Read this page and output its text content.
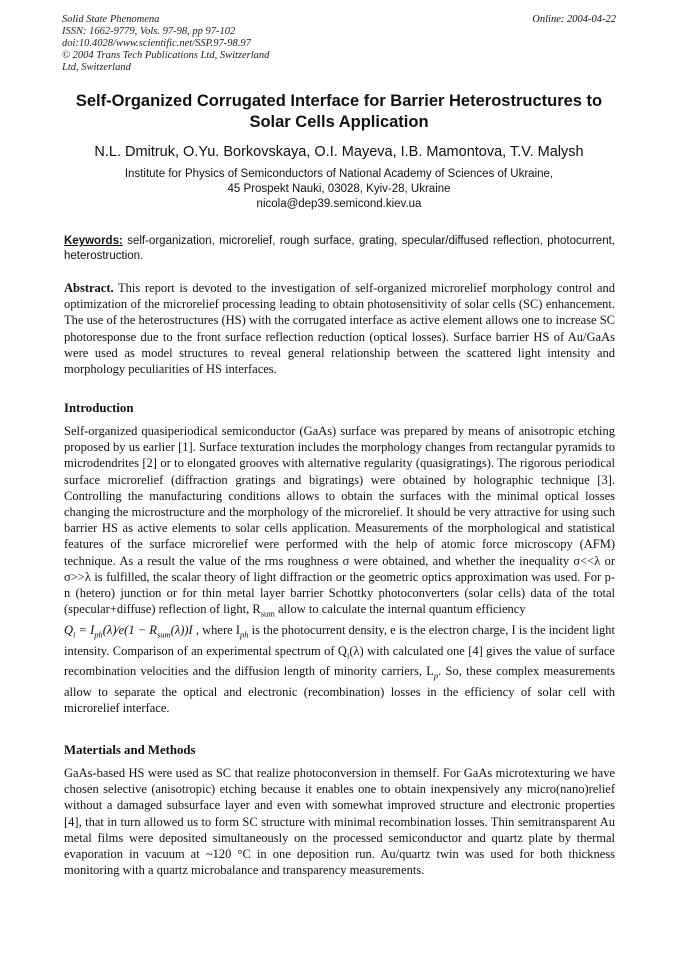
Solid State Phenomena
ISSN: 1662-9779, Vols. 97-98, pp 97-102
doi:10.4028/www.scientific.net/SSP.97-98.97
© 2004 Trans Tech Publications Ltd, Switzerland
Ltd, Switzerland
Online: 2004-04-22
Self-Organized Corrugated Interface for Barrier Heterostructures to Solar Cells Application
N.L. Dmitruk, O.Yu. Borkovskaya, O.I. Mayeva, I.B. Mamontova, T.V. Malysh
Institute for Physics of Semiconductors of National Academy of Sciences of Ukraine,
45 Prospekt Nauki, 03028, Kyiv-28, Ukraine
nicola@dep39.semicond.kiev.ua
Keywords: self-organization, microrelief, rough surface, grating, specular/diffused reflection, photocurrent, heterostruction.
Abstract. This report is devoted to the investigation of self-organized microrelief morphology control and optimization of the microrelief processing leading to obtain photosensitivity of solar cells (SC) enhancement. The use of the heterostructures (HS) with the corrugated interface as active element allows one to increase SC photoresponse due to the front surface reflection reduction (optical losses). Surface barrier HS of Au/GaAs were used as model structures to reveal general relationship between the scattered light intensity and morphology peculiarities of HS interfaces.
Introduction
Self-organized quasiperiodical semiconductor (GaAs) surface was prepared by means of anisotropic etching proposed by us earlier [1]. Surface texturation includes the morphology changes from rectangular pyramids to microdendrites [2] or to elongated grooves with alternative regularity (quasigratings). The rigorous periodical surface microrelief (diffraction gratings and bigratings) were obtained by holographic technique [3]. Controlling the manufacturing conditions allows to obtain the surfaces with the minimal optical losses changing the microstructure and the morphology of the microrelief. It should be very attractive for using such barrier HS as active elements to solar cells application. Measurements of the morphological and statistical features of the surface microrelief were performed with the help of atomic force microscopy (AFM) technique. As a result the value of the rms roughness σ were obtained, and whether the inequality σ<<λ or σ>>λ is fulfilled, the scalar theory of light diffraction or the geometric optics approximation was used. For p-n (hetero) junction or for thin metal layer barrier Schottky photoconverters (solar cells) data of the total (specular+diffuse) reflection of light, $R_{sum}$ allow to calculate the internal quantum efficiency
$Q_i$ = $I_{ph}(\lambda)⁄e(1 - R_{sum}(\lambda))I$ , where $I_{ph}$ is the photocurrent density, e is the electron charge, I is the incident light intensity. Comparison of an experimental spectrum of $Q_i(\lambda)$ with calculated one [4] gives the value of surface recombination velocities and the diffusion length of minority carriers, $L_p$. So, these complex measurements allow to separate the optical and electronic (recombination) losses in the efficiency of solar cell with microrelief interface.
Matertials and Methods
GaAs-based HS were used as SC that realize photoconversion in themself. For GaAs microtexturing we have chosen selective (anisotropic) etching because it enables one to obtain inexpensively any micro(nano)relief without a damaged subsurface layer and even with somewhat improved structure and electronic properties [4], that in turn allowed us to form SC structure with minimal recombination losses. Thin semitransparent Au metal films were deposited simultaneously on the processed semiconductor and quartz plate by thermal evaporation in vacuum at ~120 °C in one deposition run. Au/quartz twin was used for both thickness monitoring with a quartz microbalance and transparency measurements.
